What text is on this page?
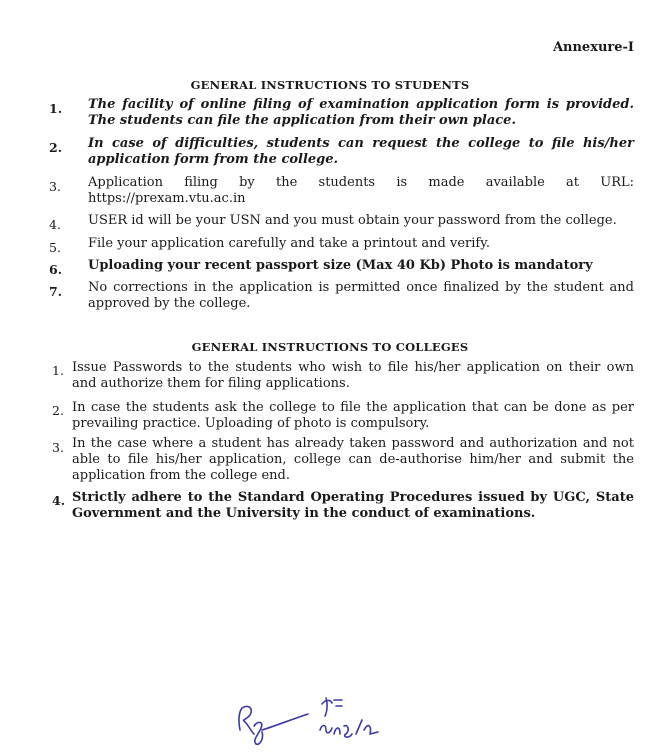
Annexure-I
GENERAL INSTRUCTIONS TO STUDENTS
1. The facility of online filing of examination application form is provided. The students can file the application from their own place.
2. In case of difficulties, students can request the college to file his/her application form from the college.
3. Application filing by the students is made available at URL:
https://prexam.vtu.ac.in
4. USER id will be your USN and you must obtain your password from the college.
5. File your application carefully and take a printout and verify.
6. Uploading your recent passport size (Max 40 Kb) Photo is mandatory
7. No corrections in the application is permitted once finalized by the student and approved by the college.
GENERAL INSTRUCTIONS TO COLLEGES
1. Issue Passwords to the students who wish to file his/her application on their own and authorize them for filing applications.
2. In case the students ask the college to file the application that can be done as per prevailing practice. Uploading of photo is compulsory.
3. In the case where a student has already taken password and authorization and not able to file his/her application, college can de-authorise him/her and submit the application from the college end.
4. Strictly adhere to the Standard Operating Procedures issued by UGC, State Government and the University in the conduct of examinations.
